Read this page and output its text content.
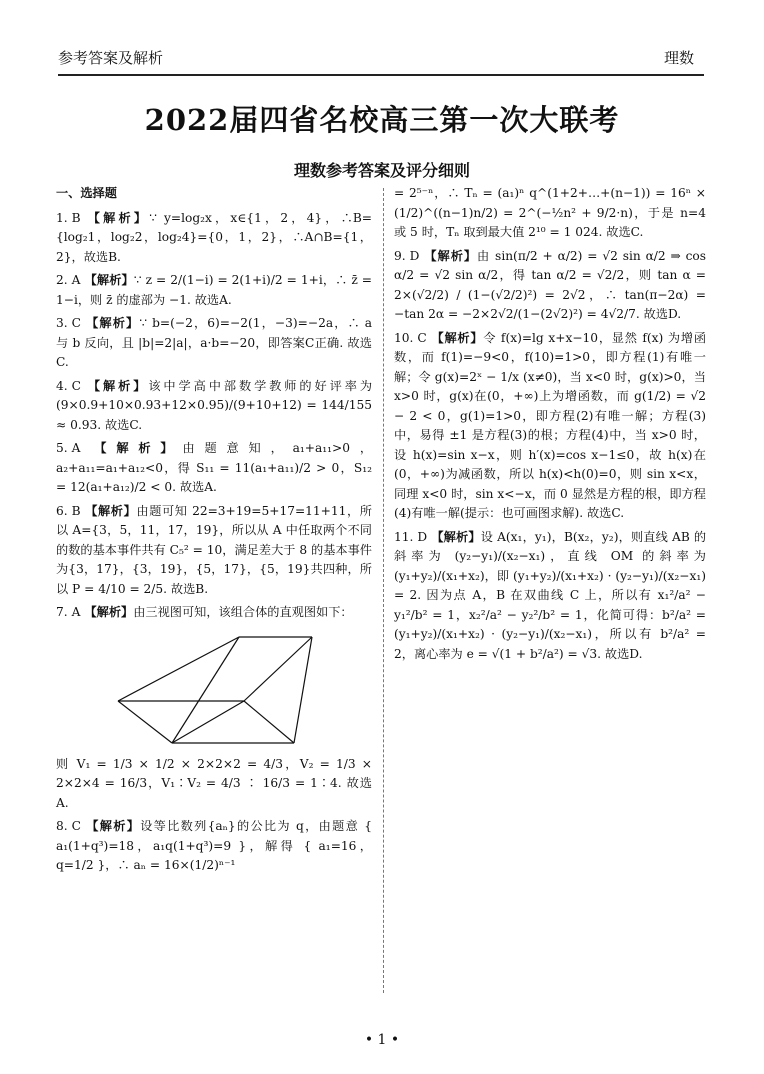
参考答案及解析	理数
2022届四省名校高三第一次大联考
理数参考答案及评分细则
一、选择题
1. B 【解析】∵ y=log₂x，x∈{1，2，4}，∴B={log₂1，log₂2，log₂4}={0，1，2}，∴A∩B={1，2}，故选B.
2. A 【解析】∵ z = 2/(1−i) = 2(1+i)/2 = 1+i，∴ z̄ = 1−i，则 z̄ 的虚部为 −1. 故选A.
3. C 【解析】∵ b=(−2，6)=−2(1，−3)=−2a，∴ a 与 b 反向，且 |b|=2|a|，a·b=−20，即答案C正确. 故选C.
4. C 【解析】该中学高中部数学教师的好评率为 (9×0.9+10×0.93+12×0.95)/(9+10+12) = 144/155 ≈ 0.93. 故选C.
5. A 【解析】由题意知，a₁+a₁₁>0，a₂+a₁₁=a₁+a₁₂<0，得 S₁₁ = 11(a₁+a₁₁)/2 > 0，S₁₂ = 12(a₁+a₁₂)/2 < 0. 故选A.
6. B 【解析】由题可知 22=3+19=5+17=11+11，所以 A={3，5，11，17，19}，所以从 A 中任取两个不同的数的基本事件共有 C₅² = 10，满足差大于 8 的基本事件为{3，17}，{3，19}，{5，17}，{5，19}共四种，所以 P = 4/10 = 2/5. 故选B.
7. A 【解析】由三视图可知，该组合体的直观图如下：
则 V₁ = 1/3 × 1/2 × 2×2×2 = 4/3，V₂ = 1/3 × 2×2×4 = 16/3，V₁∶V₂ = 4/3 ∶ 16/3 = 1∶4. 故选A.
8. C 【解析】设等比数列{aₙ}的公比为 q，由题意 { a₁(1+q³)=18，a₁q(1+q³)=9 }，解得 { a₁=16，q=1/2 }，∴ aₙ = 16×(1/2)ⁿ⁻¹
= 2⁵⁻ⁿ，∴ Tₙ = (a₁)ⁿ q^(1+2+…+(n−1)) = 16ⁿ × (1/2)^((n−1)n/2) = 2^(−½n² + 9/2·n)，于是 n=4 或 5 时，Tₙ 取到最大值 2¹⁰ = 1 024. 故选C.
9. D 【解析】由 sin(π/2 + α/2) = √2 sin α/2 ⇒ cos α/2 = √2 sin α/2，得 tan α/2 = √2/2，则 tan α = 2×(√2/2) / (1−(√2/2)²) = 2√2，∴ tan(π−2α) = −tan 2α = −2×2√2/(1−(2√2)²) = 4√2/7. 故选D.
10. C 【解析】令 f(x)=lg x+x−10，显然 f(x) 为增函数，而 f(1)=−9<0，f(10)=1>0，即方程(1)有唯一解；令 g(x)=2ˣ − 1/x (x≠0)，当 x<0 时，g(x)>0，当 x>0 时，g(x)在(0，+∞)上为增函数，而 g(1/2) = √2 − 2 < 0，g(1)=1>0，即方程(2)有唯一解；方程(3)中，易得 ±1 是方程(3)的根；方程(4)中，当 x>0 时，设 h(x)=sin x−x，则 h′(x)=cos x−1≤0，故 h(x)在(0，+∞)为减函数，所以 h(x)<h(0)=0，则 sin x<x，同理 x<0 时，sin x<−x，而 0 显然是方程的根，即方程(4)有唯一解(提示：也可画图求解). 故选C.
11. D 【解析】设 A(x₁，y₁)，B(x₂，y₂)，则直线 AB 的斜率为 (y₂−y₁)/(x₂−x₁)，直线 OM 的斜率为 (y₁+y₂)/(x₁+x₂)，即 (y₁+y₂)/(x₁+x₂) · (y₂−y₁)/(x₂−x₁) = 2. 因为点 A，B 在双曲线 C 上，所以有 x₁²/a² − y₁²/b² = 1，x₂²/a² − y₂²/b² = 1，化简可得：b²/a² = (y₁+y₂)/(x₁+x₂) · (y₂−y₁)/(x₂−x₁)，所以有 b²/a² = 2，离心率为 e = √(1 + b²/a²) = √3. 故选D.
• 1 •
